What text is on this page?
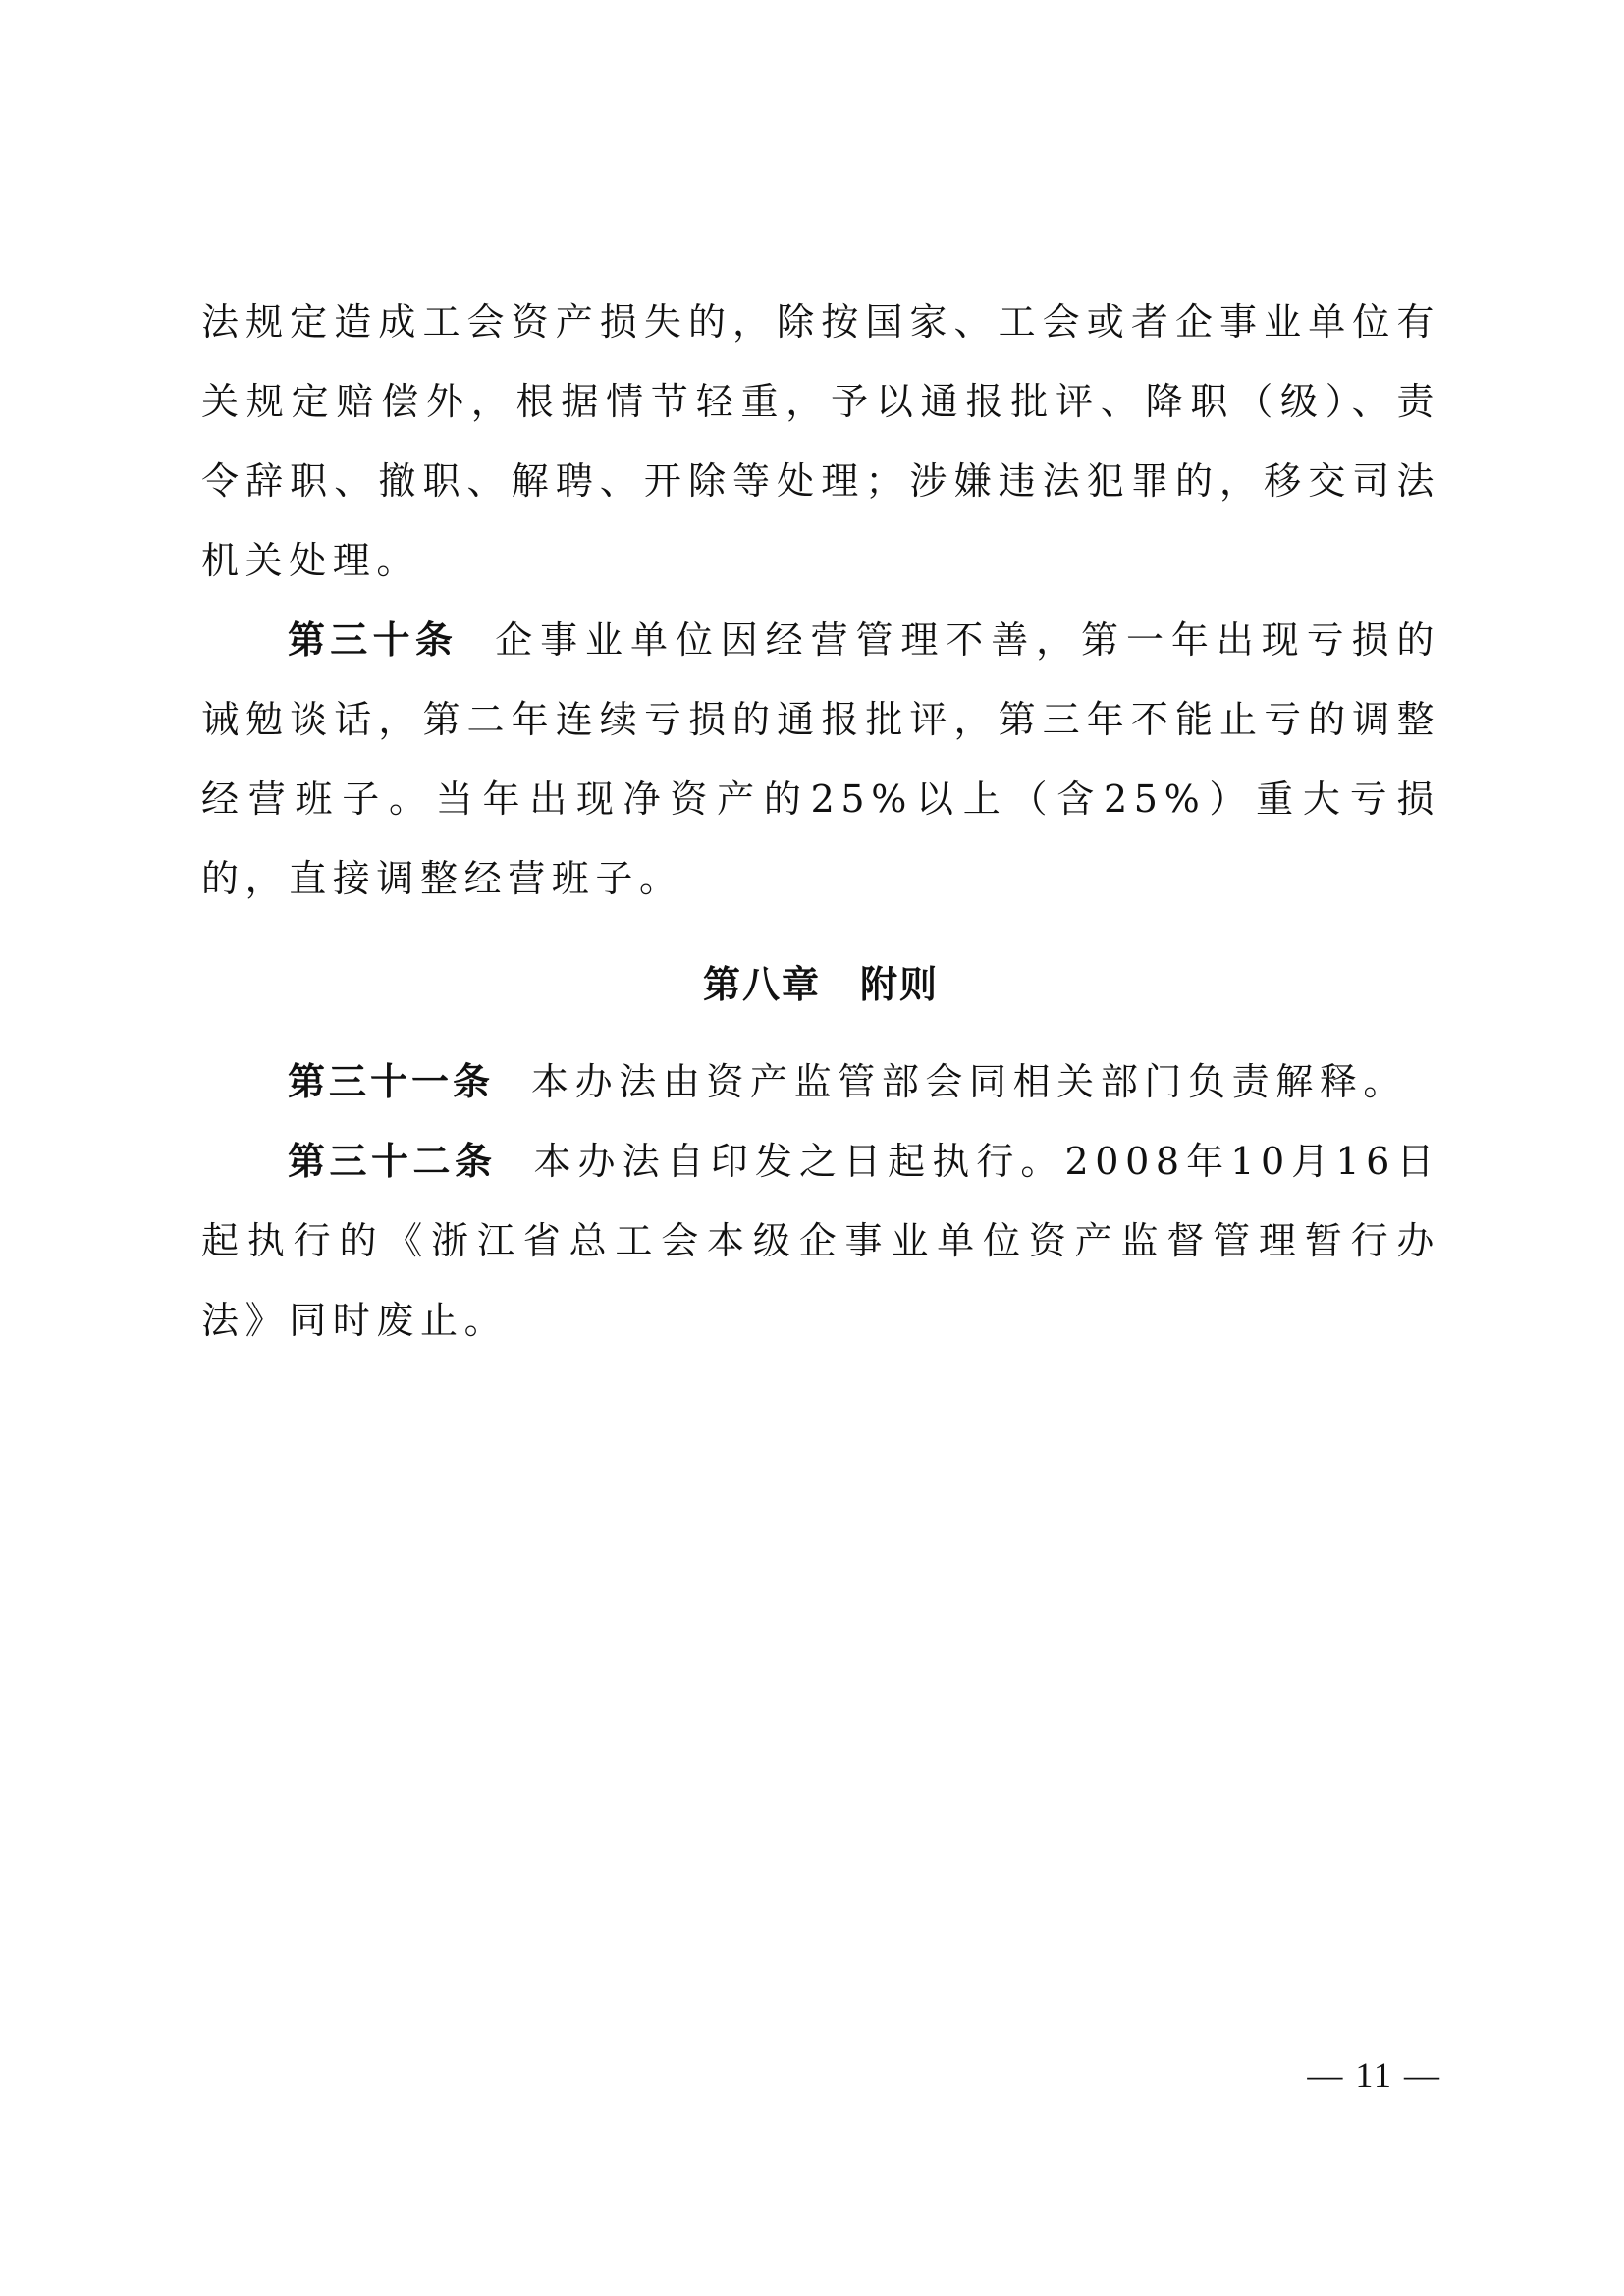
法规定造成工会资产损失的，除按国家、工会或者企事业单位有关规定赔偿外，根据情节轻重，予以通报批评、降职（级）、责令辞职、撤职、解聘、开除等处理；涉嫌违法犯罪的，移交司法机关处理。

第三十条 企事业单位因经营管理不善，第一年出现亏损的诫勉谈话，第二年连续亏损的通报批评，第三年不能止亏的调整经营班子。当年出现净资产的25%以上（含25%）重大亏损的，直接调整经营班子。

第八章 附则

第三十一条 本办法由资产监管部会同相关部门负责解释。

第三十二条 本办法自印发之日起执行。2008年10月16日起执行的《浙江省总工会本级企事业单位资产监督管理暂行办法》同时废止。

— 11 —
